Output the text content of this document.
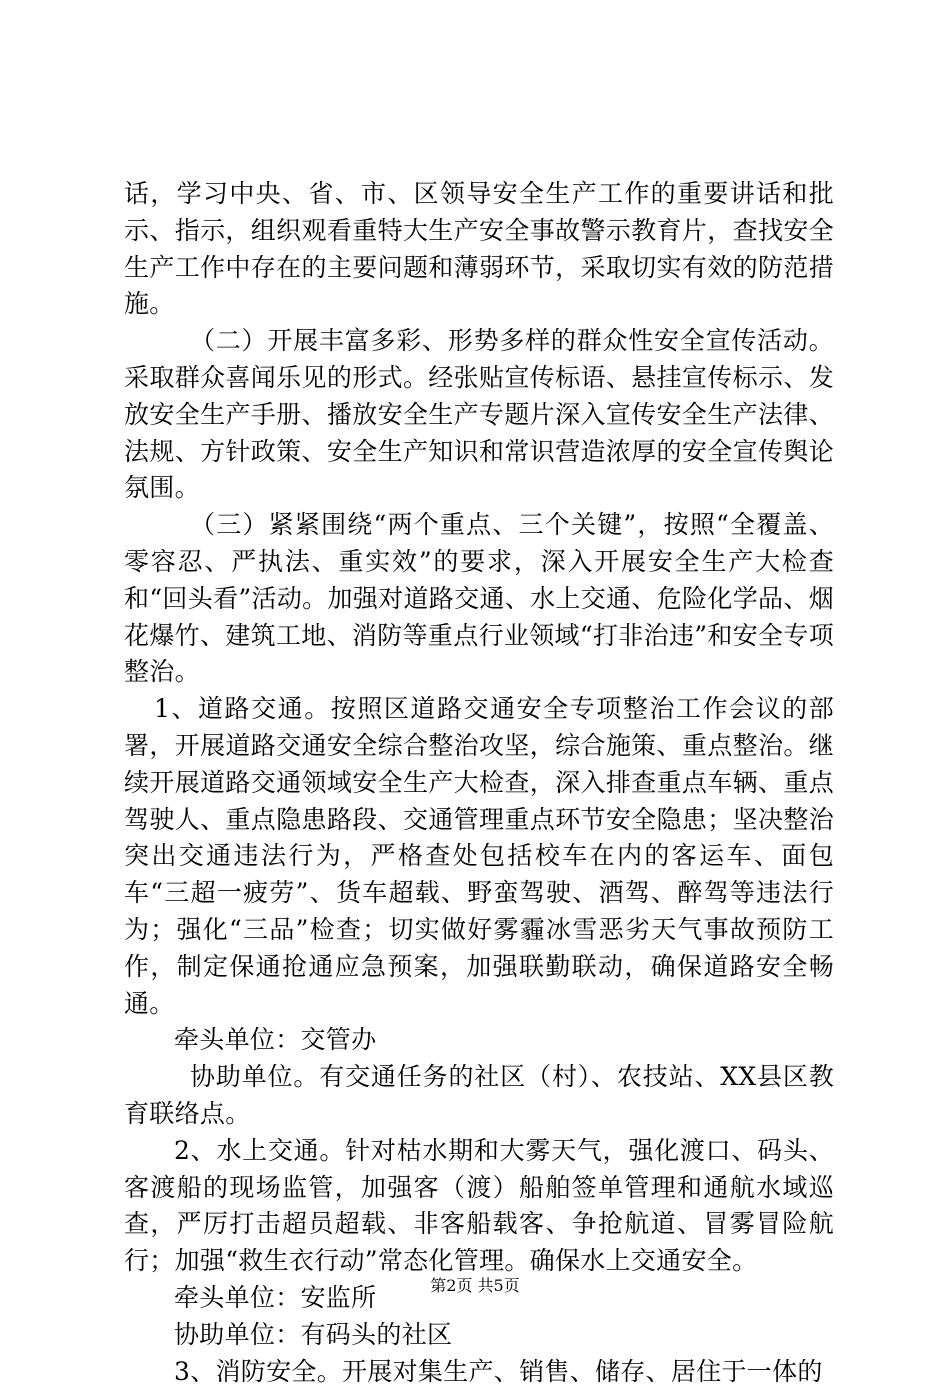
话，学习中央、省、市、区领导安全生产工作的重要讲话和批示、指示，组织观看重特大生产安全事故警示教育片，查找安全生产工作中存在的主要问题和薄弱环节，采取切实有效的防范措施。

（二）开展丰富多彩、形势多样的群众性安全宣传活动。采取群众喜闻乐见的形式。经张贴宣传标语、悬挂宣传标示、发放安全生产手册、播放安全生产专题片深入宣传安全生产法律、法规、方针政策、安全生产知识和常识营造浓厚的安全宣传舆论氛围。

（三）紧紧围绕“两个重点、三个关键”，按照“全覆盖、零容忍、严执法、重实效”的要求，深入开展安全生产大检查和“回头看”活动。加强对道路交通、水上交通、危险化学品、烟花爆竹、建筑工地、消防等重点行业领域“打非治违”和安全专项整治。

1、道路交通。按照区道路交通安全专项整治工作会议的部署，开展道路交通安全综合整治攻坚，综合施策、重点整治。继续开展道路交通领域安全生产大检查，深入排查重点车辆、重点驾驶人、重点隐患路段、交通管理重点环节安全隐患；坚决整治突出交通违法行为，严格查处包括校车在内的客运车、面包车“三超一疲劳”、货车超载、野蛮驾驶、酒驾、醉驾等违法行为；强化“三品”检查；切实做好雾霾冰雪恶劣天气事故预防工作，制定保通抢通应急预案，加强联勤联动，确保道路安全畅通。

牵头单位：交管办

协助单位。有交通任务的社区（村）、农技站、XX县区教育联络点。

2、水上交通。针对枯水期和大雾天气，强化渡口、码头、客渡船的现场监管，加强客（渡）船舶签单管理和通航水域巡查，严厉打击超员超载、非客船载客、争抢航道、冒雾冒险航行；加强“救生衣行动”常态化管理。确保水上交通安全。

牵头单位：安监所

协助单位：有码头的社区

3、消防安全。开展对集生产、销售、储存、居住于一体的

第2页 共5页
